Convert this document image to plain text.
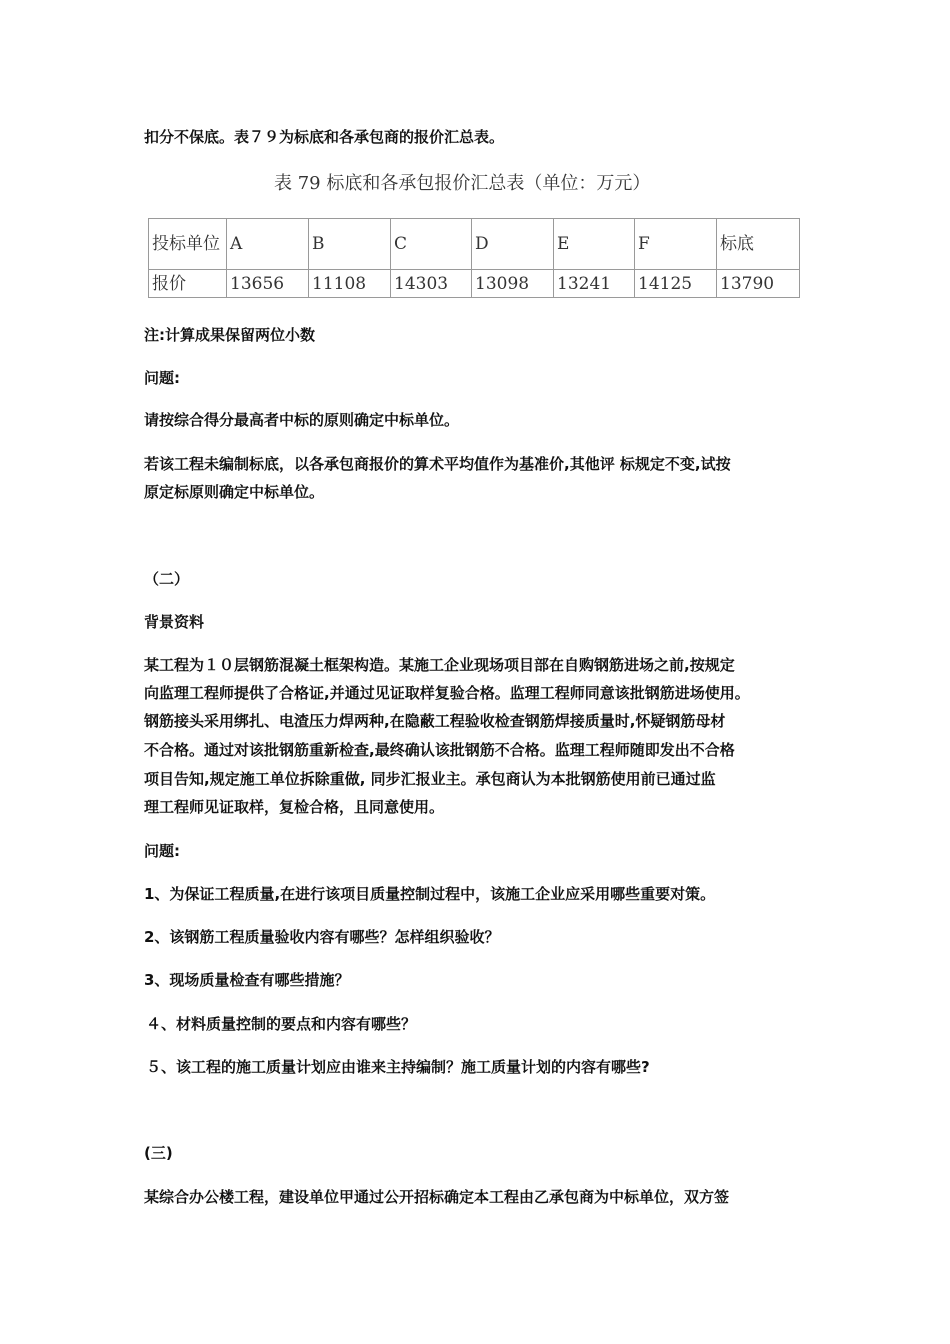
扣分不保底。表７９为标底和各承包商的报价汇总表。
表 79 标底和各承包报价汇总表（单位：万元）
投标单位	A	B	C	D	E	F	标底
报价	13656	11108	14303	13098	13241	14125	13790
注:计算成果保留两位小数
问题:
请按综合得分最高者中标的原则确定中标单位。
若该工程未编制标底，以各承包商报价的算术平均值作为基准价,其他评 标规定不变,试按
原定标原则确定中标单位。
（二）
背景资料
某工程为１０层钢筋混凝土框架构造。某施工企业现场项目部在自购钢筋进场之前,按规定
向监理工程师提供了合格证,并通过见证取样复验合格。监理工程师同意该批钢筋进场使用。
钢筋接头采用绑扎、电渣压力焊两种,在隐蔽工程验收检查钢筋焊接质量时,怀疑钢筋母材
不合格。通过对该批钢筋重新检查,最终确认该批钢筋不合格。监理工程师随即发出不合格
项目告知,规定施工单位拆除重做, 同步汇报业主。承包商认为本批钢筋使用前已通过监
理工程师见证取样，复检合格，且同意使用。
问题:
1、为保证工程质量,在进行该项目质量控制过程中，该施工企业应采用哪些重要对策。
2、该钢筋工程质量验收内容有哪些？怎样组织验收？
3、现场质量检查有哪些措施？
４、材料质量控制的要点和内容有哪些？
５、该工程的施工质量计划应由谁来主持编制？施工质量计划的内容有哪些?
(三)
某综合办公楼工程，建设单位甲通过公开招标确定本工程由乙承包商为中标单位，双方签
